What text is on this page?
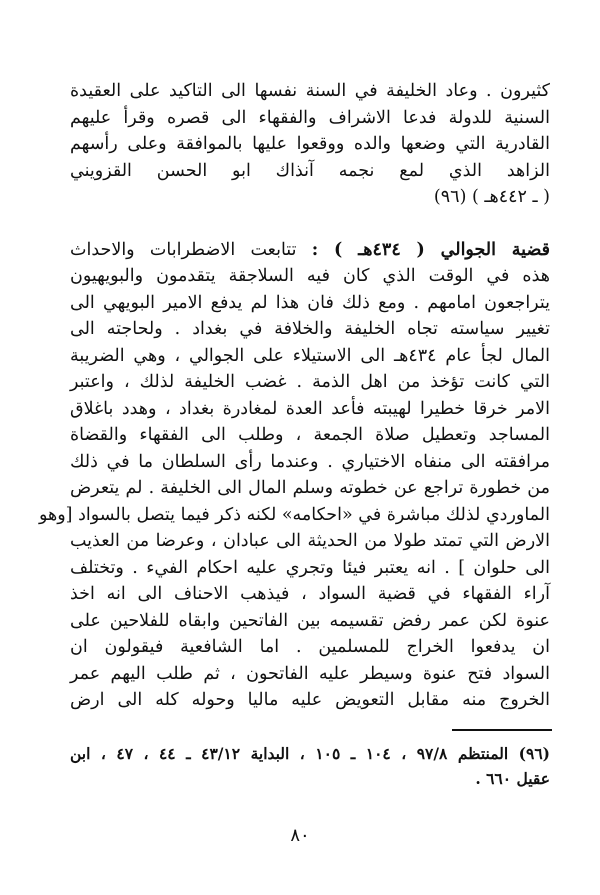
كثيرون . وعاد الخليفة في السنة نفسها الى التاكيد على العقيدة
السنية للدولة فدعا الاشراف والفقهاء الى قصره وقرأ عليهم
القادرية التي وضعها والده ووقعوا عليها بالموافقة وعلى رأسهم
الزاهد الذي لمع نجمه آنذاك ابو الحسن القزويني
( ـ ٤٤٢هـ ) (٩٦)
قضية الجوالي ( ٤٣٤هـ ) : تتابعت الاضطرابات والاحداث
هذه في الوقت الذي كان فيه السلاجقة يتقدمون والبويهيون
يتراجعون امامهم . ومع ذلك فان هذا لم يدفع الامير البويهي الى
تغيير سياسته تجاه الخليفة والخلافة في بغداد . ولحاجته الى
المال لجأ عام ٤٣٤هـ الى الاستيلاء على الجوالي ، وهي الضريبة
التي كانت تؤخذ من اهل الذمة . غضب الخليفة لذلك ، واعتبر
الامر خرقا خطيرا لهيبته فأعد العدة لمغادرة بغداد ، وهدد باغلاق
المساجد وتعطيل صلاة الجمعة ، وطلب الى الفقهاء والقضاة
مرافقته الى منفاه الاختياري . وعندما رأى السلطان ما في ذلك
من خطورة تراجع عن خطوته وسلم المال الى الخليفة . لم يتعرض
الماوردي لذلك مباشرة في «احكامه» لكنه ذكر فيما يتصل بالسواد [وهو
الارض التي تمتد طولا من الحديثة الى عبادان ، وعرضا من العذيب
الى حلوان ] . انه يعتبر فيئا وتجري عليه احكام الفيء . وتختلف
آراء الفقهاء في قضية السواد ، فيذهب الاحناف الى انه اخذ
عنوة لكن عمر رفض تقسيمه بين الفاتحين وابقاه للفلاحين على
ان يدفعوا الخراج للمسلمين . اما الشافعية فيقولون ان
السواد فتح عنوة وسيطر عليه الفاتحون ، ثم طلب اليهم عمر
الخروج منه مقابل التعويض عليه ماليا وحوله كله الى ارض
(٩٦) المنتظم ٩٧/٨ ، ١٠٤ ـ ١٠٥ ، البداية ٤٣/١٢ ـ ٤٤ ، ٤٧ ، ابن
عقيل ٦٦٠ .
٨٠
